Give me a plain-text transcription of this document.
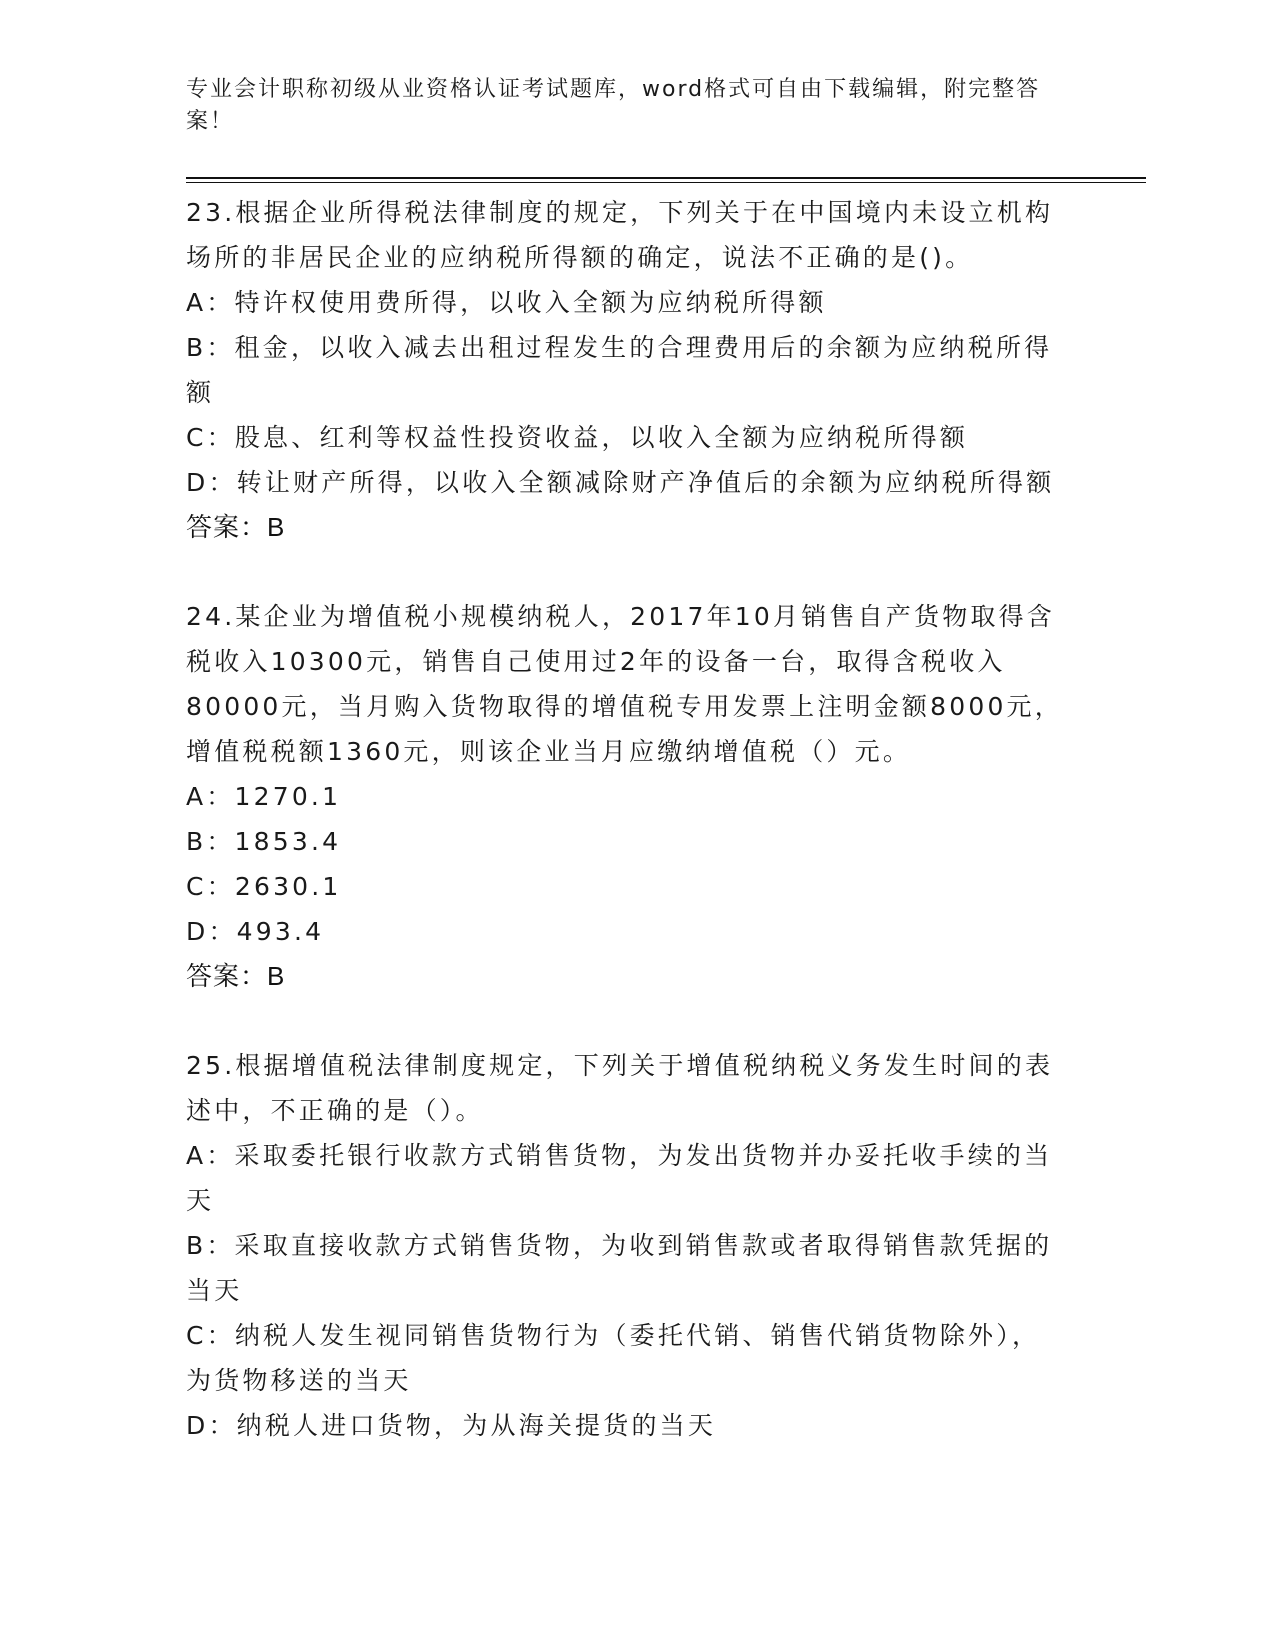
专业会计职称初级从业资格认证考试题库，word格式可自由下载编辑，附完整答案！

23.根据企业所得税法律制度的规定，下列关于在中国境内未设立机构场所的非居民企业的应纳税所得额的确定，说法不正确的是()。

A：特许权使用费所得，以收入全额为应纳税所得额

B：租金，以收入减去出租过程发生的合理费用后的余额为应纳税所得额

C：股息、红利等权益性投资收益，以收入全额为应纳税所得额

D：转让财产所得，以收入全额减除财产净值后的余额为应纳税所得额

答案：B

24.某企业为增值税小规模纳税人，2017年10月销售自产货物取得含税收入10300元，销售自己使用过2年的设备一台，取得含税收入80000元，当月购入货物取得的增值税专用发票上注明金额8000元，增值税税额1360元，则该企业当月应缴纳增值税（）元。

A：1270.1

B：1853.4

C：2630.1

D：493.4

答案：B

25.根据增值税法律制度规定，下列关于增值税纳税义务发生时间的表述中，不正确的是（）。

A：采取委托银行收款方式销售货物，为发出货物并办妥托收手续的当天

B：采取直接收款方式销售货物，为收到销售款或者取得销售款凭据的当天

C：纳税人发生视同销售货物行为（委托代销、销售代销货物除外），为货物移送的当天

D：纳税人进口货物，为从海关提货的当天
